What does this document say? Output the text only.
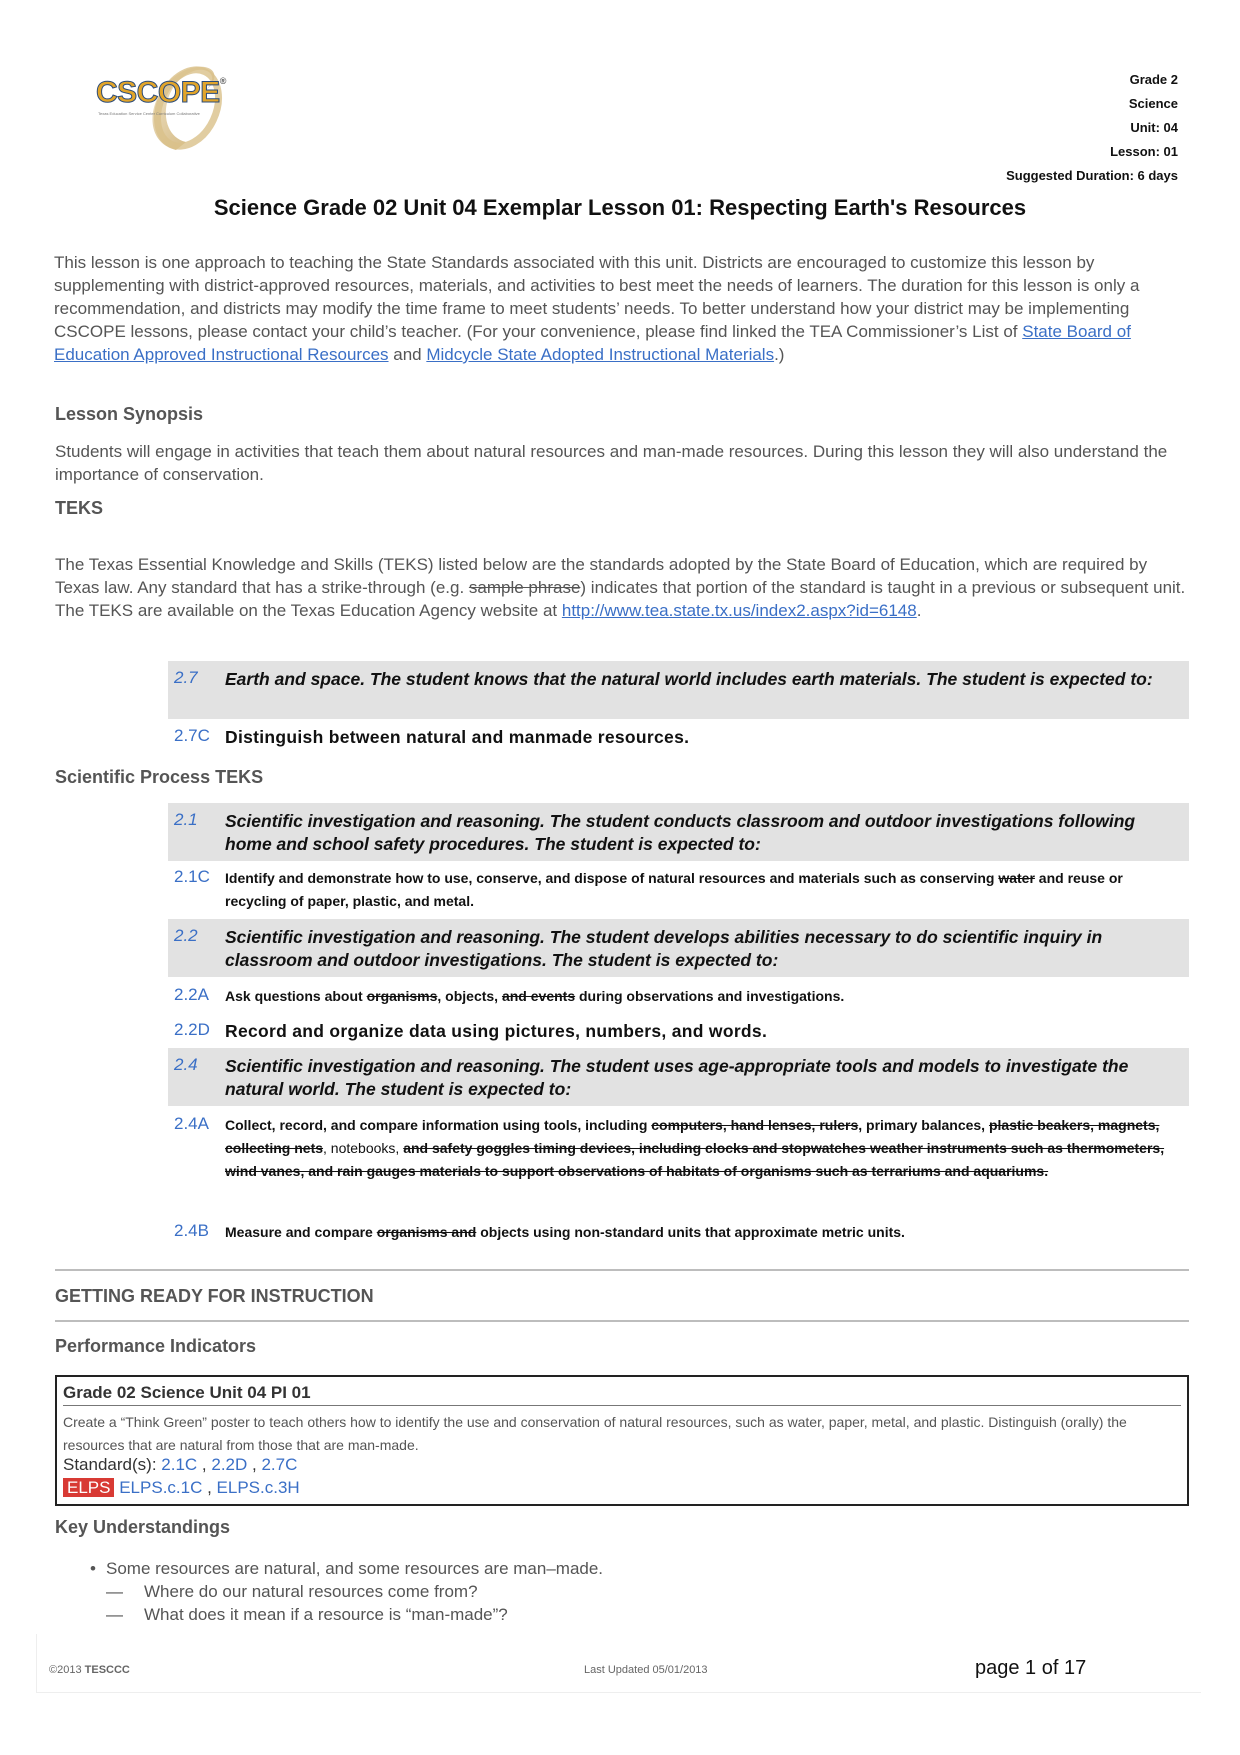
CSCOPE®
Texas Education Service Center Curriculum Collaborative
Grade 2
Science
Unit: 04
Lesson: 01
Suggested Duration: 6 days
Science Grade 02 Unit 04 Exemplar Lesson 01: Respecting Earth's Resources
This lesson is one approach to teaching the State Standards associated with this unit. Districts are encouraged to customize this lesson by supplementing with district-approved resources, materials, and activities to best meet the needs of learners. The duration for this lesson is only a recommendation, and districts may modify the time frame to meet students’ needs. To better understand how your district may be implementing CSCOPE lessons, please contact your child’s teacher. (For your convenience, please find linked the TEA Commissioner’s List of State Board of Education Approved Instructional Resources and Midcycle State Adopted Instructional Materials.)
Lesson Synopsis
Students will engage in activities that teach them about natural resources and man-made resources. During this lesson they will also understand the importance of conservation.
TEKS
The Texas Essential Knowledge and Skills (TEKS) listed below are the standards adopted by the State Board of Education, which are required by Texas law. Any standard that has a strike-through (e.g. sample phrase) indicates that portion of the standard is taught in a previous or subsequent unit. The TEKS are available on the Texas Education Agency website at http://www.tea.state.tx.us/index2.aspx?id=6148.
2.7 Earth and space. The student knows that the natural world includes earth materials. The student is expected to:
2.7C Distinguish between natural and manmade resources.
Scientific Process TEKS
2.1 Scientific investigation and reasoning. The student conducts classroom and outdoor investigations following home and school safety procedures. The student is expected to:
2.1C Identify and demonstrate how to use, conserve, and dispose of natural resources and materials such as conserving water and reuse or recycling of paper, plastic, and metal.
2.2 Scientific investigation and reasoning. The student develops abilities necessary to do scientific inquiry in classroom and outdoor investigations. The student is expected to:
2.2A Ask questions about organisms, objects, and events during observations and investigations.
2.2D Record and organize data using pictures, numbers, and words.
2.4 Scientific investigation and reasoning. The student uses age-appropriate tools and models to investigate the natural world. The student is expected to:
2.4A Collect, record, and compare information using tools, including computers, hand lenses, rulers, primary balances, plastic beakers, magnets, collecting nets, notebooks, and safety goggles timing devices, including clocks and stopwatches weather instruments such as thermometers, wind vanes, and rain gauges materials to support observations of habitats of organisms such as terrariums and aquariums.
2.4B Measure and compare organisms and objects using non-standard units that approximate metric units.
GETTING READY FOR INSTRUCTION
Performance Indicators
Grade 02 Science Unit 04 PI 01
Create a “Think Green” poster to teach others how to identify the use and conservation of natural resources, such as water, paper, metal, and plastic. Distinguish (orally) the resources that are natural from those that are man-made.
Standard(s): 2.1C , 2.2D , 2.7C
ELPS ELPS.c.1C , ELPS.c.3H
Key Understandings
• Some resources are natural, and some resources are man–made.
— Where do our natural resources come from?
— What does it mean if a resource is “man-made”?
©2013 TESCCC	Last Updated 05/01/2013	page 1 of 17
